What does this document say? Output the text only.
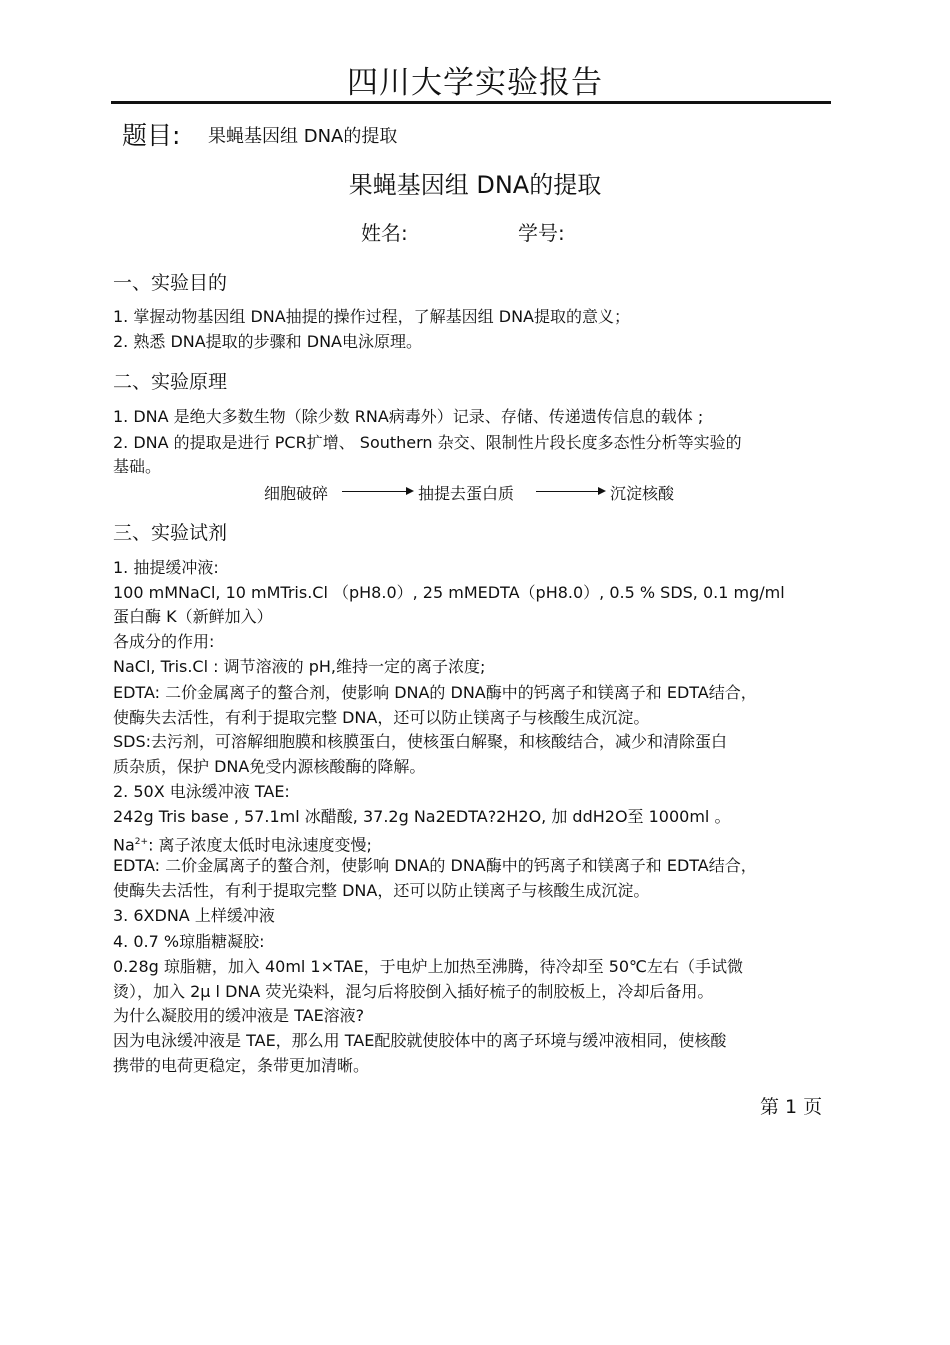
四川大学实验报告
题目: 果蝇基因组 DNA的提取
果蝇基因组 DNA的提取
姓名:	学号:
一、实验目的
1. 掌握动物基因组 DNA抽提的操作过程，了解基因组 DNA提取的意义；
2. 熟悉 DNA提取的步骤和 DNA电泳原理。
二、实验原理
1. DNA 是绝大多数生物（除少数 RNA病毒外）记录、存储、传递遗传信息的载体 ;
2. DNA 的提取是进行 PCR扩增、 Southern 杂交、限制性片段长度多态性分析等实验的
基础。
细胞破碎	抽提去蛋白质	沉淀核酸
三、实验试剂
1. 抽提缓冲液:
100 mMNaCl, 10 mMTris.Cl （pH8.0）, 25 mMEDTA（pH8.0）, 0.5 % SDS, 0.1 mg/ml
蛋白酶 K（新鲜加入）
各成分的作用:
NaCl, Tris.Cl : 调节溶液的 pH,维持一定的离子浓度;
EDTA: 二价金属离子的螯合剂，使影响 DNA的 DNA酶中的钙离子和镁离子和 EDTA结合，
使酶失去活性，有利于提取完整 DNA，还可以防止镁离子与核酸生成沉淀。
SDS:去污剂，可溶解细胞膜和核膜蛋白，使核蛋白解聚，和核酸结合，减少和清除蛋白
质杂质，保护 DNA免受内源核酸酶的降解。
2. 50X 电泳缓冲液 TAE:
242g Tris base , 57.1ml 冰醋酸, 37.2g Na2EDTA?2H2O, 加 ddH2O至 1000ml 。
$Na^{2+}$: 离子浓度太低时电泳速度变慢;
EDTA: 二价金属离子的螯合剂，使影响 DNA的 DNA酶中的钙离子和镁离子和 EDTA结合，
使酶失去活性，有利于提取完整 DNA，还可以防止镁离子与核酸生成沉淀。
3. 6XDNA 上样缓冲液
4. 0.7 %琼脂糖凝胶:
0.28g 琼脂糖，加入 40ml 1×TAE，于电炉上加热至沸腾，待冷却至 50℃左右（手试微
烫），加入 2μ l DNA 荧光染料，混匀后将胶倒入插好梳子的制胶板上，冷却后备用。
为什么凝胶用的缓冲液是 TAE溶液?
因为电泳缓冲液是 TAE，那么用 TAE配胶就使胶体中的离子环境与缓冲液相同，使核酸
携带的电荷更稳定，条带更加清晰。
第 1 页
